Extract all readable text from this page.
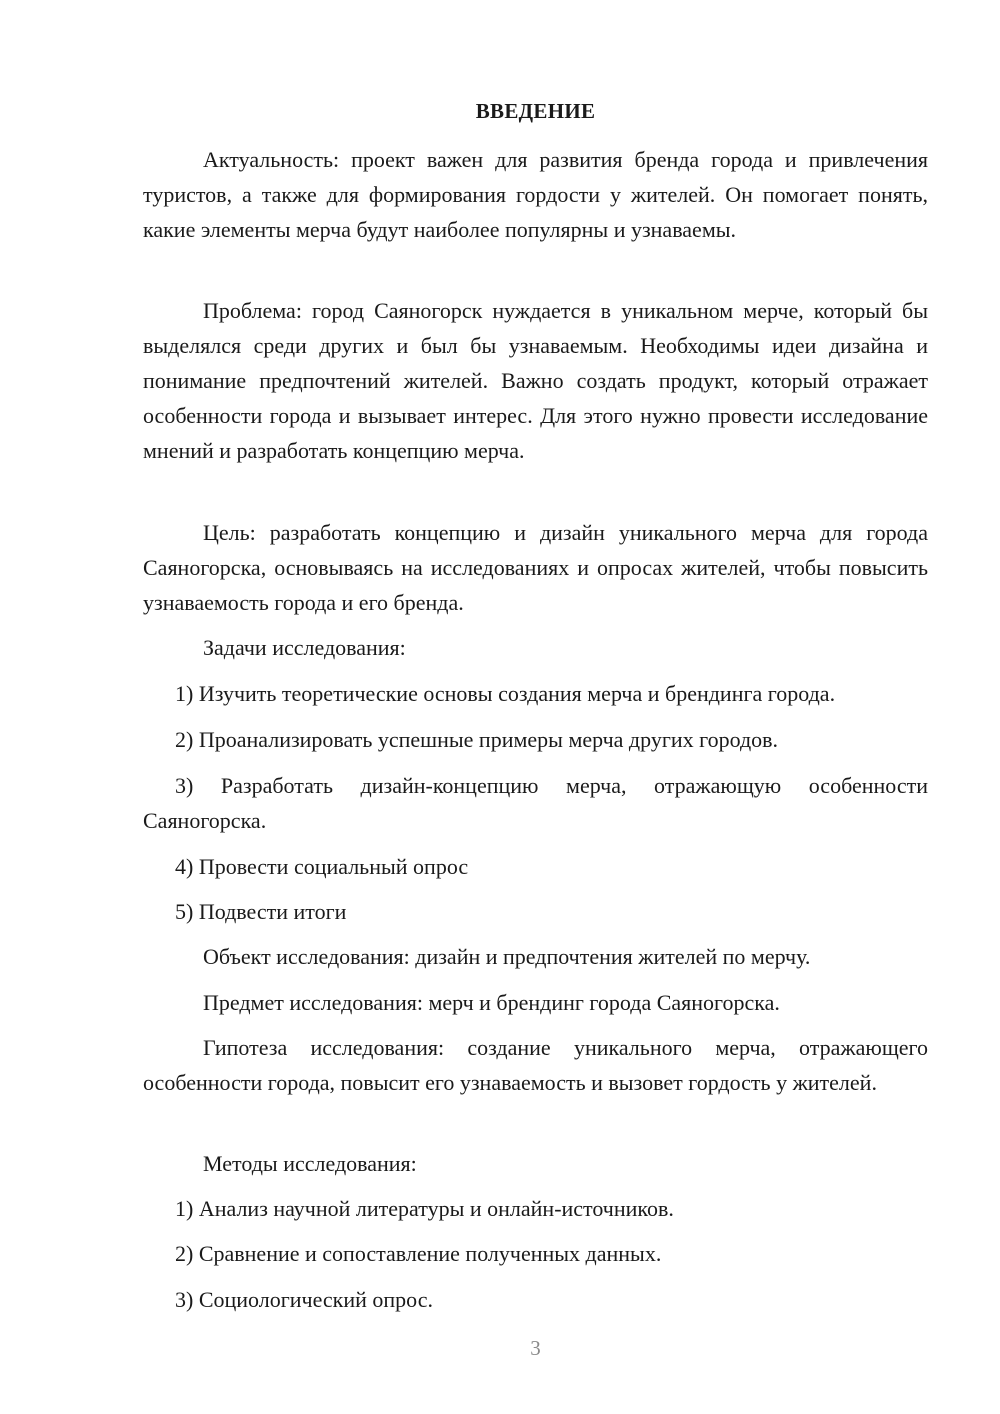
ВВЕДЕНИЕ

Актуальность: проект важен для развития бренда города и привлечения туристов, а также для формирования гордости у жителей. Он помогает понять, какие элементы мерча будут наиболее популярны и узнаваемы.

Проблема: город Саяногорск нуждается в уникальном мерче, который бы выделялся среди других и был бы узнаваемым. Необходимы идеи дизайна и понимание предпочтений жителей. Важно создать продукт, который отражает особенности города и вызывает интерес. Для этого нужно провести исследование мнений и разработать концепцию мерча.

Цель: разработать концепцию и дизайн уникального мерча для города Саяногорска, основываясь на исследованиях и опросах жителей, чтобы повысить узнаваемость города и его бренда.

Задачи исследования:

1) Изучить теоретические основы создания мерча и брендинга города.

2) Проанализировать успешные примеры мерча других городов.

3) Разработать дизайн-концепцию мерча, отражающую особенности Саяногорска.

4) Провести социальный опрос

5) Подвести итоги

Объект исследования: дизайн и предпочтения жителей по мерчу.

Предмет исследования: мерч и брендинг города Саяногорска.

Гипотеза исследования: создание уникального мерча, отражающего особенности города, повысит его узнаваемость и вызовет гордость у жителей.

Методы исследования:

1) Анализ научной литературы и онлайн-источников.

2) Сравнение и сопоставление полученных данных.

3) Социологический опрос.

3
